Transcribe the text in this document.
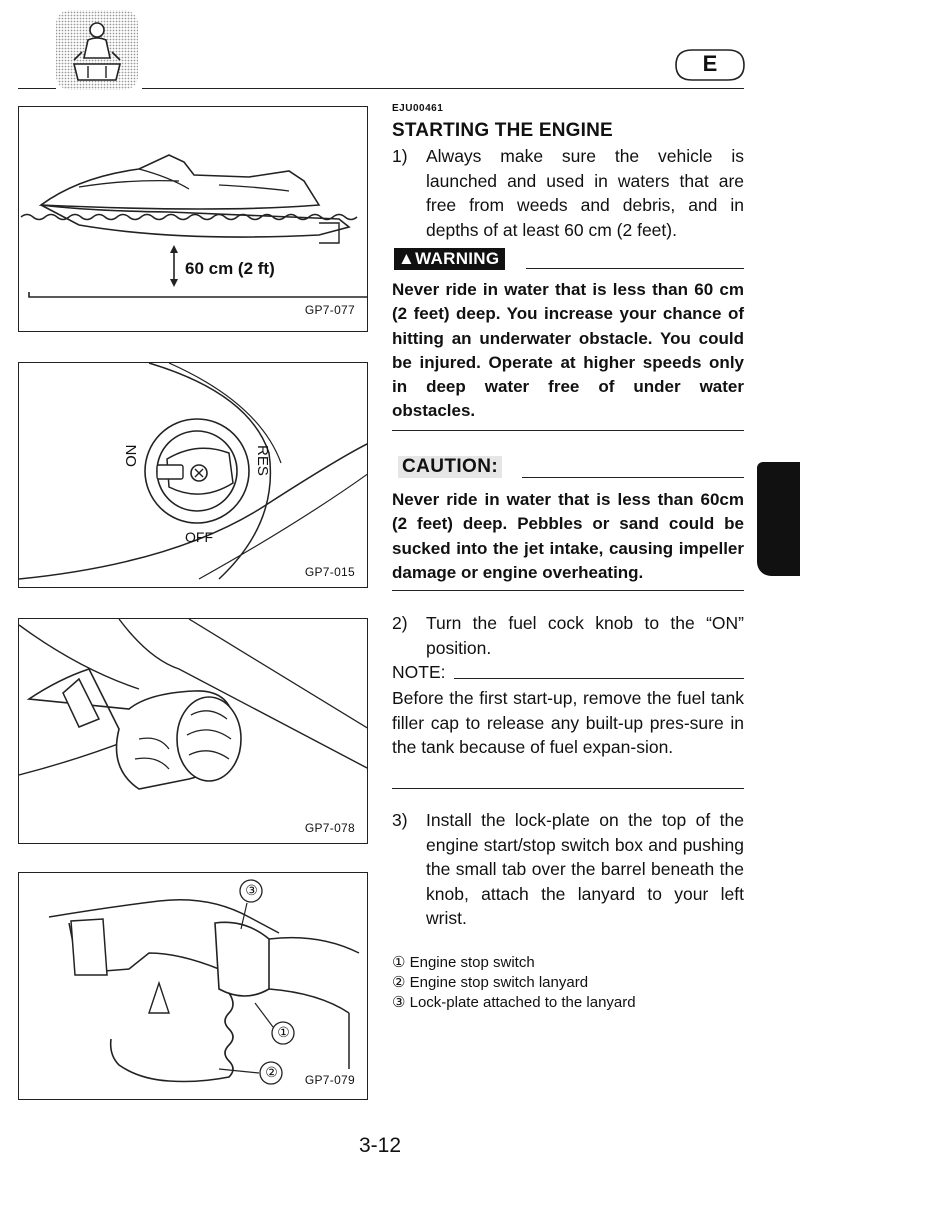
E
60 cm (2 ft)
GP7-077
ON	RES
OFF
GP7-015
GP7-078
③
①
② GP7-079
EJU00461
STARTING THE ENGINE
1) Always make sure the vehicle is launched and used in waters that are free from weeds and debris, and in depths of at least 60 cm (2 feet).
▲WARNING
Never ride in water that is less than 60 cm (2 feet) deep. You increase your chance of hitting an underwater obstacle. You could be injured. Operate at higher speeds only in deep water free of under water obstacles.
CAUTION:
Never ride in water that is less than 60cm (2 feet) deep. Pebbles or sand could be sucked into the jet intake, causing impeller damage or engine overheating.
2) Turn the fuel cock knob to the “ON” position.
NOTE:
Before the first start-up, remove the fuel tank filler cap to release any built-up pres-sure in the tank because of fuel expan-sion.
3) Install the lock-plate on the top of the engine start/stop switch box and pushing the small tab over the barrel beneath the knob, attach the lanyard to your left wrist.
① Engine stop switch
② Engine stop switch lanyard
③ Lock-plate attached to the lanyard
3-12
